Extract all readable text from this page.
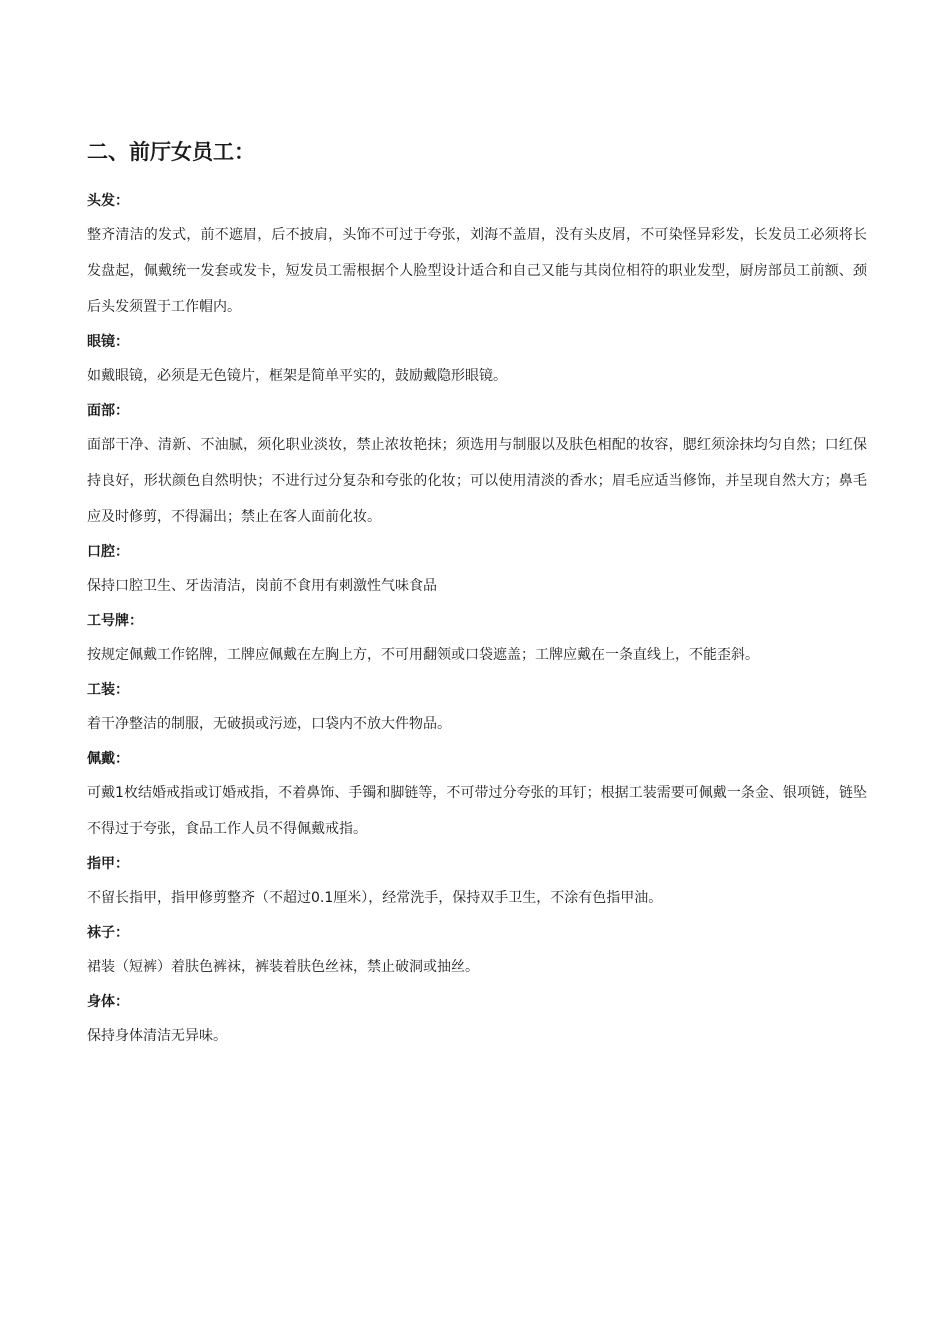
二、前厅女员工：
头发：
整齐清洁的发式，前不遮眉，后不披肩，头饰不可过于夸张，刘海不盖眉，没有头皮屑，不可染怪异彩发，长发员工必须将长发盘起，佩戴统一发套或发卡，短发员工需根据个人脸型设计适合和自己又能与其岗位相符的职业发型，厨房部员工前额、颈后头发须置于工作帽内。
眼镜：
如戴眼镜，必须是无色镜片，框架是简单平实的，鼓励戴隐形眼镜。
面部：
面部干净、清新、不油腻，须化职业淡妆，禁止浓妆艳抹；须选用与制服以及肤色相配的妆容，腮红须涂抹均匀自然；口红保持良好，形状颜色自然明快；不进行过分复杂和夸张的化妆；可以使用清淡的香水；眉毛应适当修饰，并呈现自然大方；鼻毛应及时修剪，不得漏出；禁止在客人面前化妆。
口腔：
保持口腔卫生、牙齿清洁，岗前不食用有刺激性气味食品
工号牌：
按规定佩戴工作铭牌，工牌应佩戴在左胸上方，不可用翻领或口袋遮盖；工牌应戴在一条直线上，不能歪斜。
工装：
着干净整洁的制服，无破损或污迹，口袋内不放大件物品。
佩戴：
可戴1枚结婚戒指或订婚戒指，不着鼻饰、手镯和脚链等，不可带过分夸张的耳钉；根据工装需要可佩戴一条金、银项链，链坠不得过于夸张，食品工作人员不得佩戴戒指。
指甲：
不留长指甲，指甲修剪整齐（不超过0.1厘米），经常洗手，保持双手卫生，不涂有色指甲油。
袜子：
裙装（短裤）着肤色裤袜，裤装着肤色丝袜，禁止破洞或抽丝。
身体：
保持身体清洁无异味。
